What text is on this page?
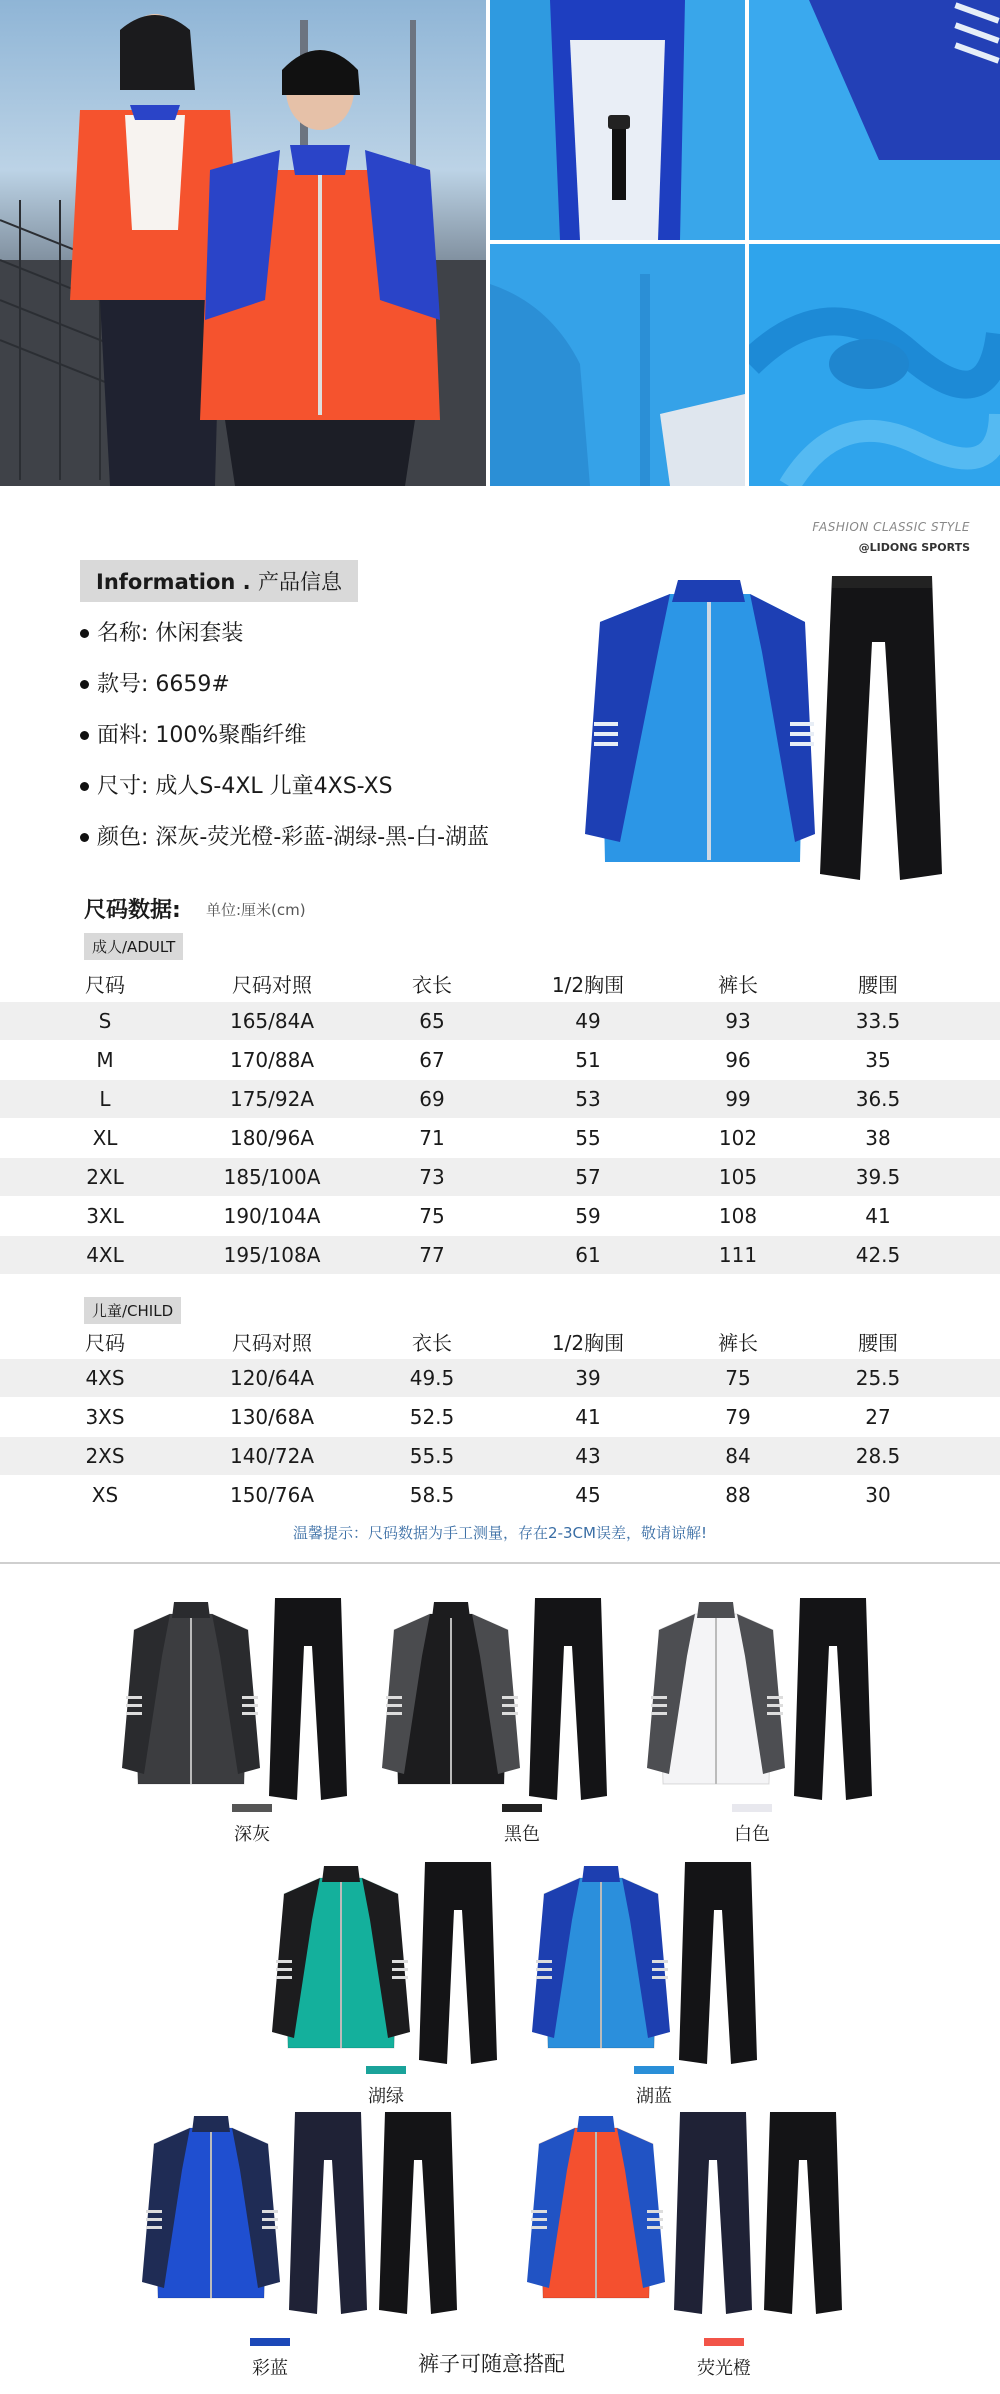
FASHION CLASSIC STYLE
@LIDONG SPORTS
Information . 产品信息
名称 : 休闲套装
款号 : 6659#
面料 : 100%聚酯纤维
尺寸 : 成人S-4XL 儿童4XS-XS
颜色 : 深灰-荧光橙-彩蓝-湖绿-黑-白-湖蓝
尺码数据: 单位:厘米(cm)
成人/ADULT
尺码	尺码对照	衣长	1/2胸围	裤长	腰围
S	165/84A	65	49	93	33.5
M	170/88A	67	51	96	35
L	175/92A	69	53	99	36.5
XL	180/96A	71	55	102	38
2XL	185/100A	73	57	105	39.5
3XL	190/104A	75	59	108	41
4XL	195/108A	77	61	111	42.5
儿童/CHILD
尺码	尺码对照	衣长	1/2胸围	裤长	腰围
4XS	120/64A	49.5	39	75	25.5
3XS	130/68A	52.5	41	79	27
2XS	140/72A	55.5	43	84	28.5
XS	150/76A	58.5	45	88	30
温馨提示：尺码数据为手工测量，存在2-3CM误差，敬请谅解!
深灰	黑色	白色
湖绿	湖蓝
彩蓝	荧光橙
裤子可随意搭配
